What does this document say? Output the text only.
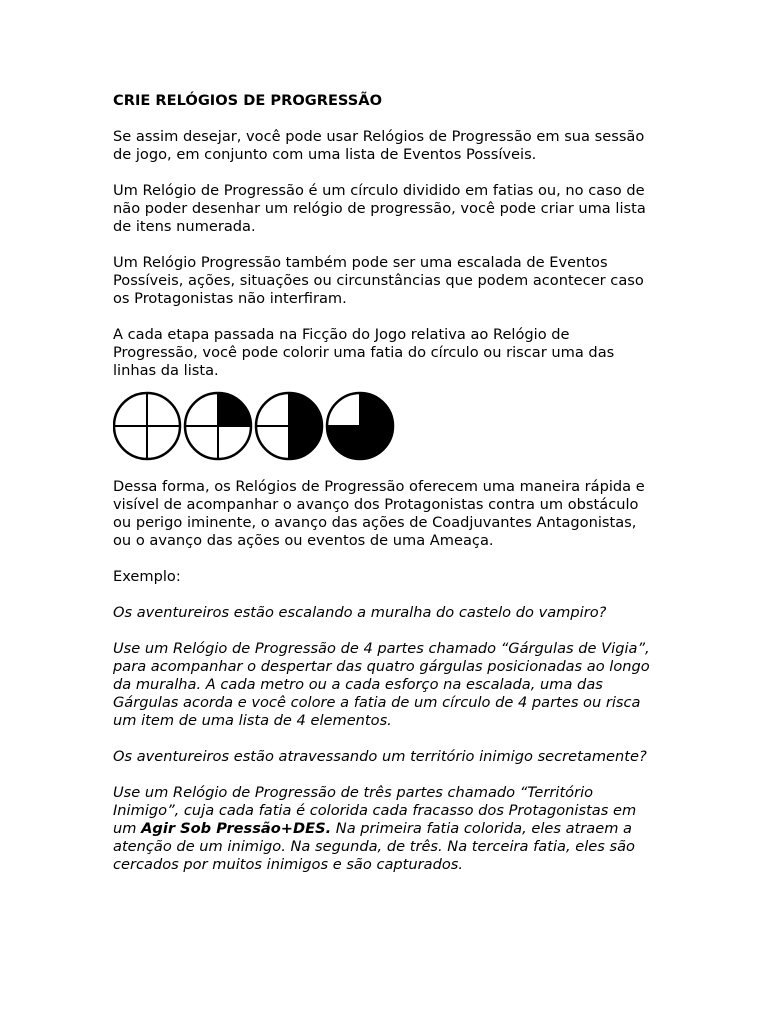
CRIE RELÓGIOS DE PROGRESSÃO

Se assim desejar, você pode usar Relógios de Progressão em sua sessão de jogo, em conjunto com uma lista de Eventos Possíveis.

Um Relógio de Progressão é um círculo dividido em fatias ou, no caso de não poder desenhar um relógio de progressão, você pode criar uma lista de itens numerada.

Um Relógio Progressão também pode ser uma escalada de Eventos Possíveis, ações, situações ou circunstâncias que podem acontecer caso os Protagonistas não interfiram.

A cada etapa passada na Ficção do Jogo relativa ao Relógio de Progressão, você pode colorir uma fatia do círculo ou riscar uma das linhas da lista.

Dessa forma, os Relógios de Progressão oferecem uma maneira rápida e visível de acompanhar o avanço dos Protagonistas contra um obstáculo ou perigo iminente, o avanço das ações de Coadjuvantes Antagonistas, ou o avanço das ações ou eventos de uma Ameaça.

Exemplo:

Os aventureiros estão escalando a muralha do castelo do vampiro?

Use um Relógio de Progressão de 4 partes chamado “Gárgulas de Vigia”, para acompanhar o despertar das quatro gárgulas posicionadas ao longo da muralha. A cada metro ou a cada esforço na escalada, uma das Gárgulas acorda e você colore a fatia de um círculo de 4 partes ou risca um item de uma lista de 4 elementos.

Os aventureiros estão atravessando um território inimigo secretamente?

Use um Relógio de Progressão de três partes chamado “Território Inimigo”, cuja cada fatia é colorida cada fracasso dos Protagonistas em um Agir Sob Pressão+DES. Na primeira fatia colorida, eles atraem a atenção de um inimigo. Na segunda, de três. Na terceira fatia, eles são cercados por muitos inimigos e são capturados.
